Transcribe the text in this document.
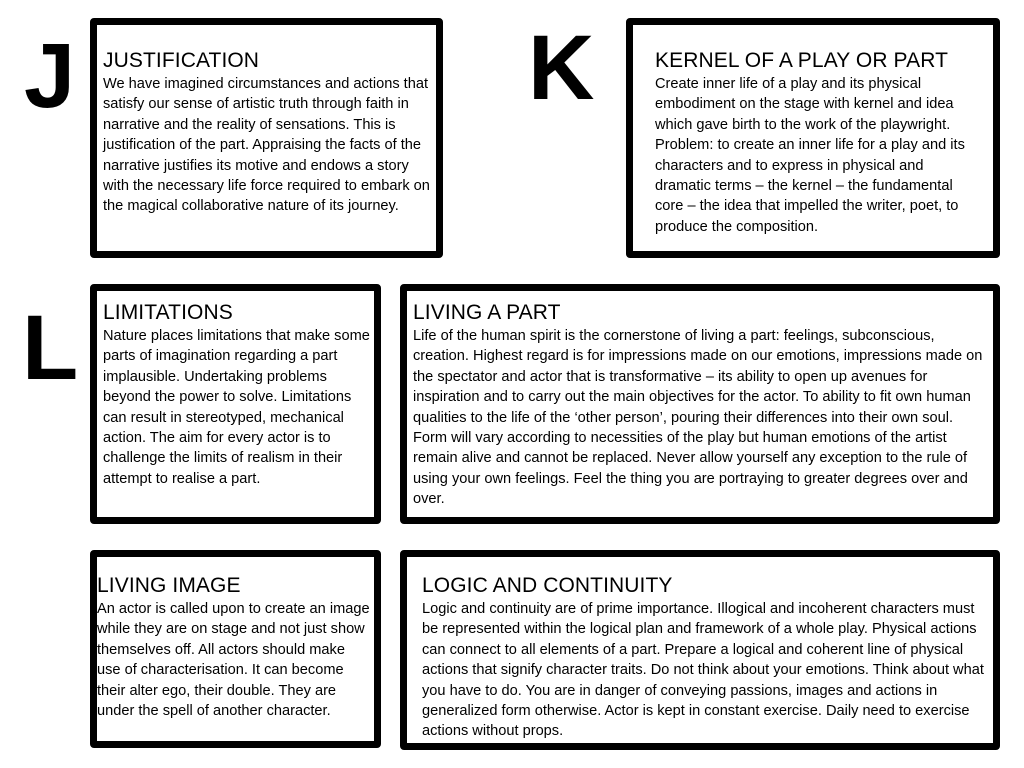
J	K
L
JUSTIFICATION

We have imagined circumstances and actions that satisfy our sense of artistic truth through faith in narrative and the reality of sensations. This is justification of the part. Appraising the facts of the narrative justifies its motive and endows a story with the necessary life force required to embark on the magical collaborative nature of its journey.

KERNEL OF A PLAY OR PART

Create inner life of a play and its physical embodiment on the stage with kernel and idea which gave birth to the work of the playwright. Problem: to create an inner life for a play and its characters and to express in physical and dramatic terms – the kernel – the fundamental core – the idea that impelled the writer, poet, to produce the composition.

LIMITATIONS

Nature places limitations that make some parts of imagination regarding a part implausible. Undertaking problems beyond the power to solve. Limitations can result in stereotyped, mechanical action. The aim for every actor is to challenge the limits of realism in their attempt to realise a part.

LIVING A PART

Life of the human spirit is the cornerstone of living a part: feelings, subconscious, creation. Highest regard is for impressions made on our emotions, impressions made on the spectator and actor that is transformative – its ability to open up avenues for inspiration and to carry out the main objectives for the actor. To ability to fit own human qualities to the life of the ‘other person’, pouring their differences into their own soul. Form will vary according to necessities of the play but human emotions of the artist remain alive and cannot be replaced. Never allow yourself any exception to the rule of using your own feelings. Feel the thing you are portraying to greater degrees over and over.

LIVING IMAGE

An actor is called upon to create an image while they are on stage and not just show themselves off. All actors should make use of characterisation. It can become their alter ego, their double. They are under the spell of another character.

LOGIC AND CONTINUITY

Logic and continuity are of prime importance. Illogical and incoherent characters must be represented within the logical plan and framework of a whole play. Physical actions can connect to all elements of a part. Prepare a logical and coherent line of physical actions that signify character traits. Do not think about your emotions. Think about what you have to do. You are in danger of conveying passions, images and actions in generalized form otherwise. Actor is kept in constant exercise. Daily need to exercise actions without props.
